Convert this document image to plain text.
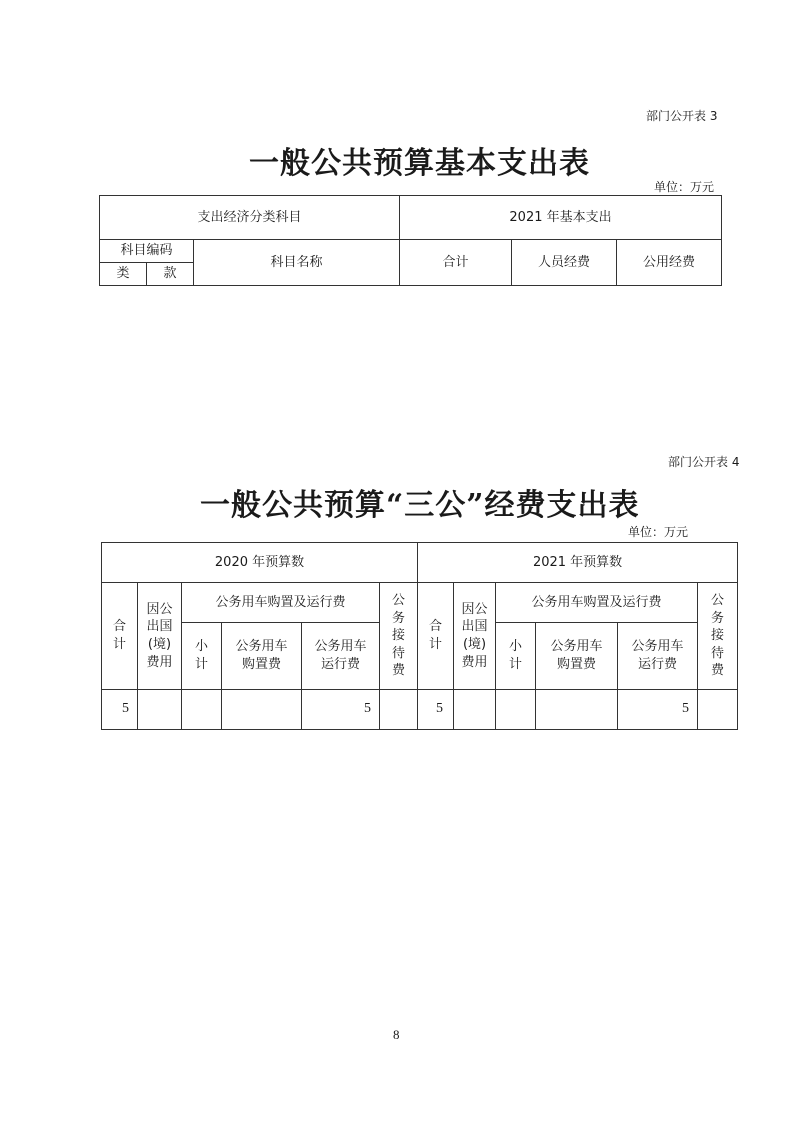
部门公开表 3
一般公共预算基本支出表
单位：万元
支出经济分类科目			2021 年基本支出		
科目编码		科目名称	合计	人员经费	公用经费
类	款				
部门公开表 4
一般公共预算“三公”经费支出表
单位：万元
2020 年预算数						2021 年预算数					
合计	因公出国(境)费用	公务用车购置及运行费			公务接待费	合计	因公出国(境)费用	公务用车购置及运行费			公务接待费
		小计	公务用车购置费	公务用车运行费				小计	公务用车购置费	公务用车运行费	
5				5		5				5	
8
